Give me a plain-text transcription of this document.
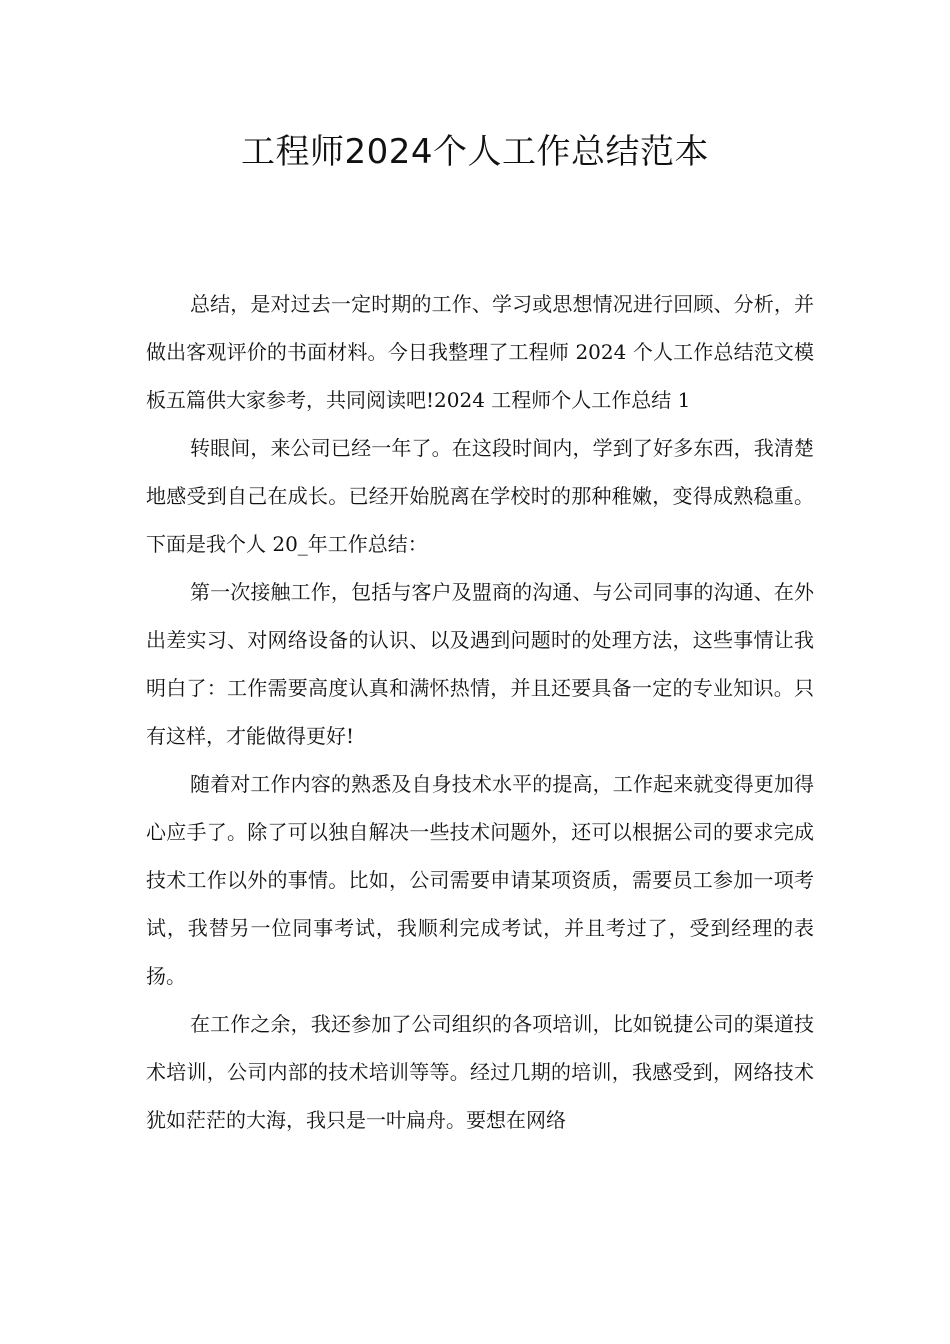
工程师2024个人工作总结范本

总结，是对过去一定时期的工作、学习或思想情况进行回顾、分析，并做出客观评价的书面材料。今日我整理了工程师 2024 个人工作总结范文模板五篇供大家参考，共同阅读吧!2024 工程师个人工作总结 1

转眼间，来公司已经一年了。在这段时间内，学到了好多东西，我清楚地感受到自己在成长。已经开始脱离在学校时的那种稚嫩，变得成熟稳重。下面是我个人 20_年工作总结：

第一次接触工作，包括与客户及盟商的沟通、与公司同事的沟通、在外出差实习、对网络设备的认识、以及遇到问题时的处理方法，这些事情让我明白了：工作需要高度认真和满怀热情，并且还要具备一定的专业知识。只有这样，才能做得更好!

随着对工作内容的熟悉及自身技术水平的提高，工作起来就变得更加得心应手了。除了可以独自解决一些技术问题外，还可以根据公司的要求完成技术工作以外的事情。比如，公司需要申请某项资质，需要员工参加一项考试，我替另一位同事考试，我顺利完成考试，并且考过了，受到经理的表扬。

在工作之余，我还参加了公司组织的各项培训，比如锐捷公司的渠道技术培训，公司内部的技术培训等等。经过几期的培训，我感受到，网络技术犹如茫茫的大海，我只是一叶扁舟。要想在网络
